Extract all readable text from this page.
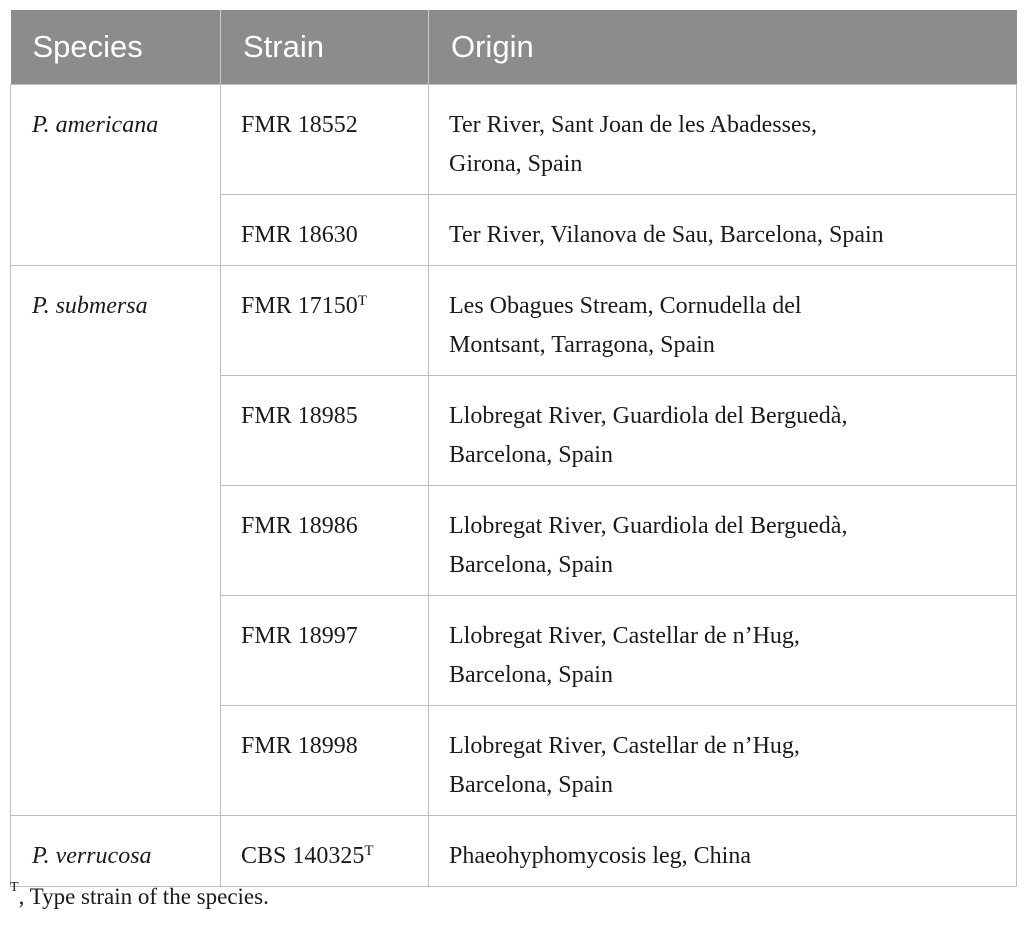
Species	Strain	Origin
P. americana	FMR 18552	Ter River, Sant Joan de les Abadesses,
Girona, Spain
	FMR 18630	Ter River, Vilanova de Sau, Barcelona, Spain
P. submersa	FMR $17150^T$	Les Obagues Stream, Cornudella del
Montsant, Tarragona, Spain
	FMR 18985	Llobregat River, Guardiola del Berguedà,
Barcelona, Spain
	FMR 18986	Llobregat River, Guardiola del Berguedà,
Barcelona, Spain
	FMR 18997	Llobregat River, Castellar de n’Hug,
Barcelona, Spain
	FMR 18998	Llobregat River, Castellar de n’Hug,
Barcelona, Spain
P. verrucosa	CBS $140325^T$	Phaeohyphomycosis leg, China
$^T$, Type strain of the species.
